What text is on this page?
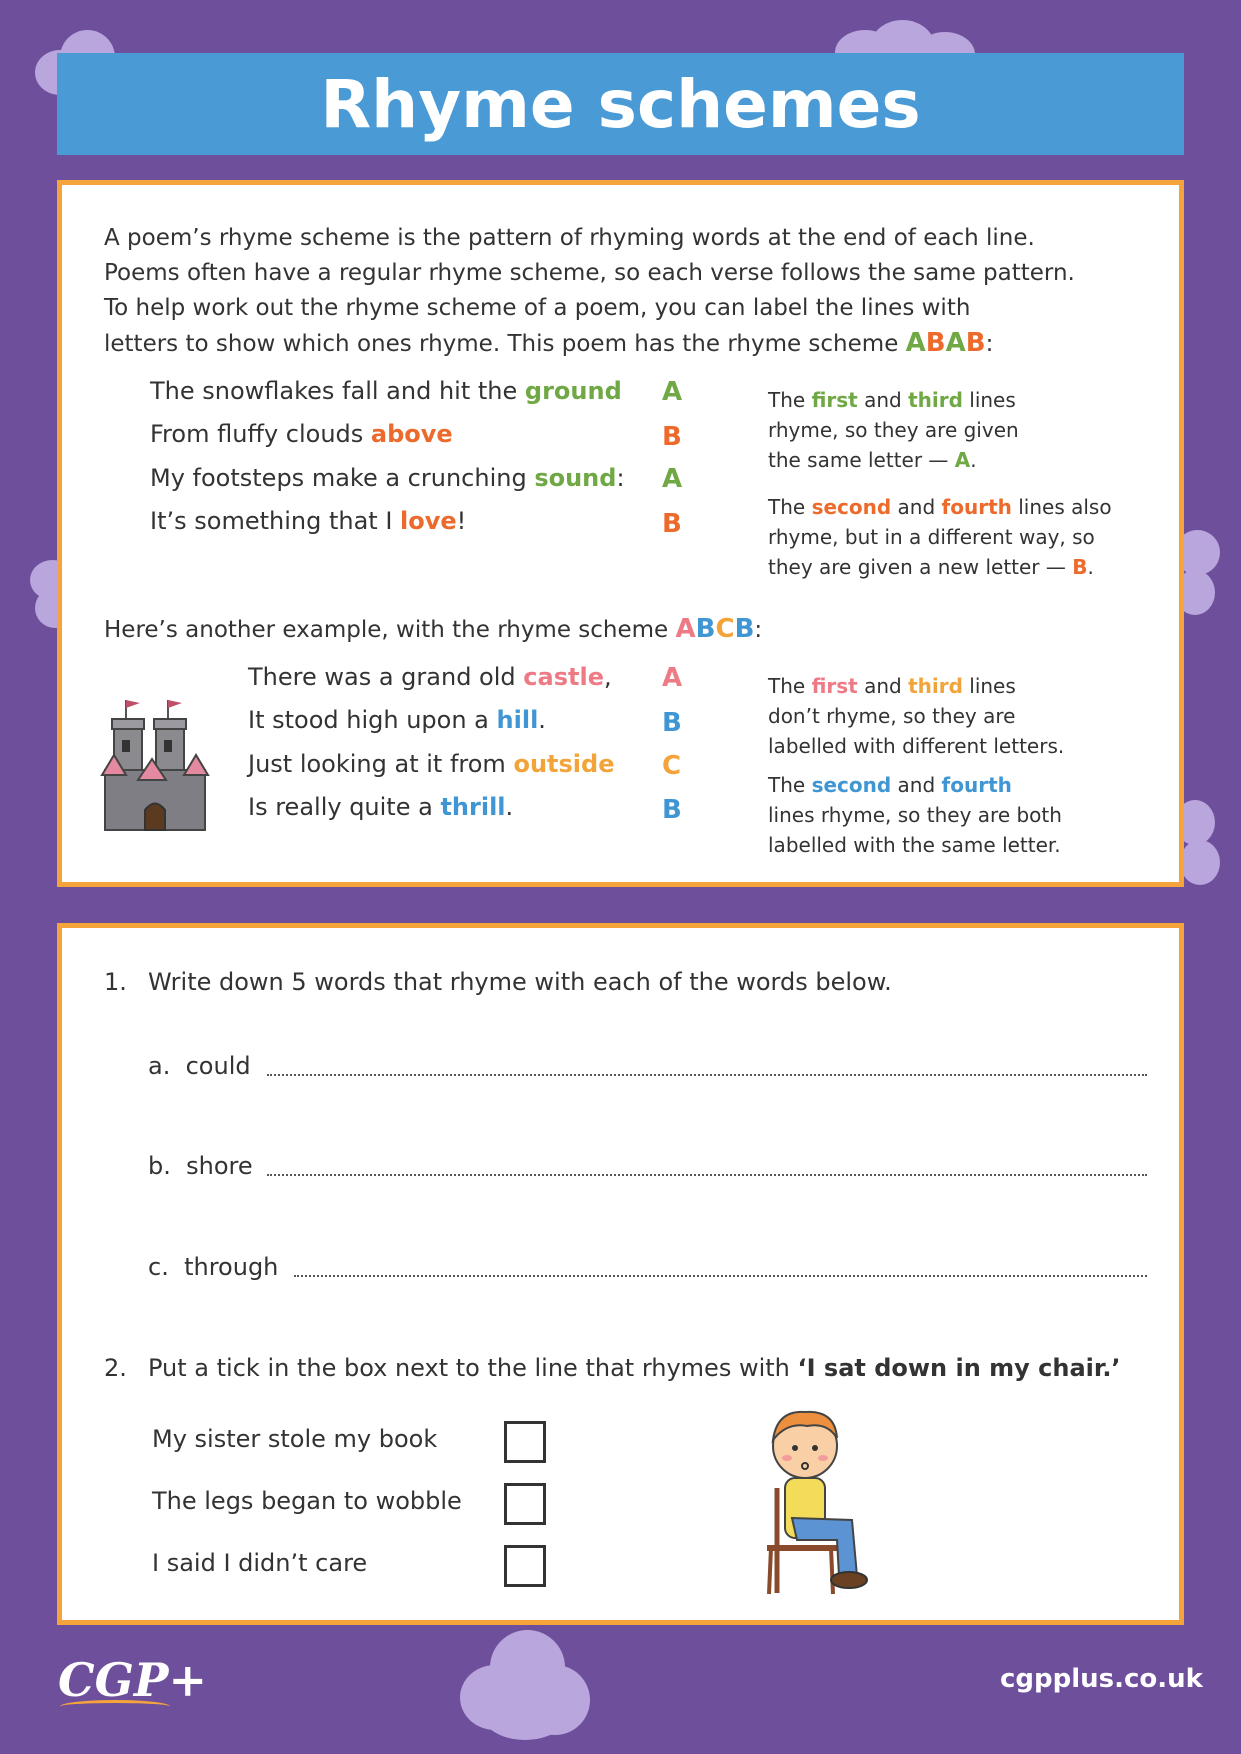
Rhyme schemes
A poem’s rhyme scheme is the pattern of rhyming words at the end of each line.
Poems often have a regular rhyme scheme, so each verse follows the same pattern.
To help work out the rhyme scheme of a poem, you can label the lines with
letters to show which ones rhyme. This poem has the rhyme scheme ABAB:
The snowflakes fall and hit the ground
From fluffy clouds above
My footsteps make a crunching sound:
It’s something that I love!
A
B
A
B
The first and third lines
rhyme, so they are given
the same letter — A.
The second and fourth lines also
rhyme, but in a different way, so
they are given a new letter — B.
Here’s another example, with the rhyme scheme ABCB:
There was a grand old castle,
It stood high upon a hill.
Just looking at it from outside
Is really quite a thrill.
A
B
C
B
The first and third lines
don’t rhyme, so they are
labelled with different letters.
The second and fourth
lines rhyme, so they are both
labelled with the same letter.
1. Write down 5 words that rhyme with each of the words below.
a. could
b. shore
c. through
2. Put a tick in the box next to the line that rhymes with ‘I sat down in my chair.’
My sister stole my book
The legs began to wobble
I said I didn’t care
CGP+	cgpplus.co.uk
